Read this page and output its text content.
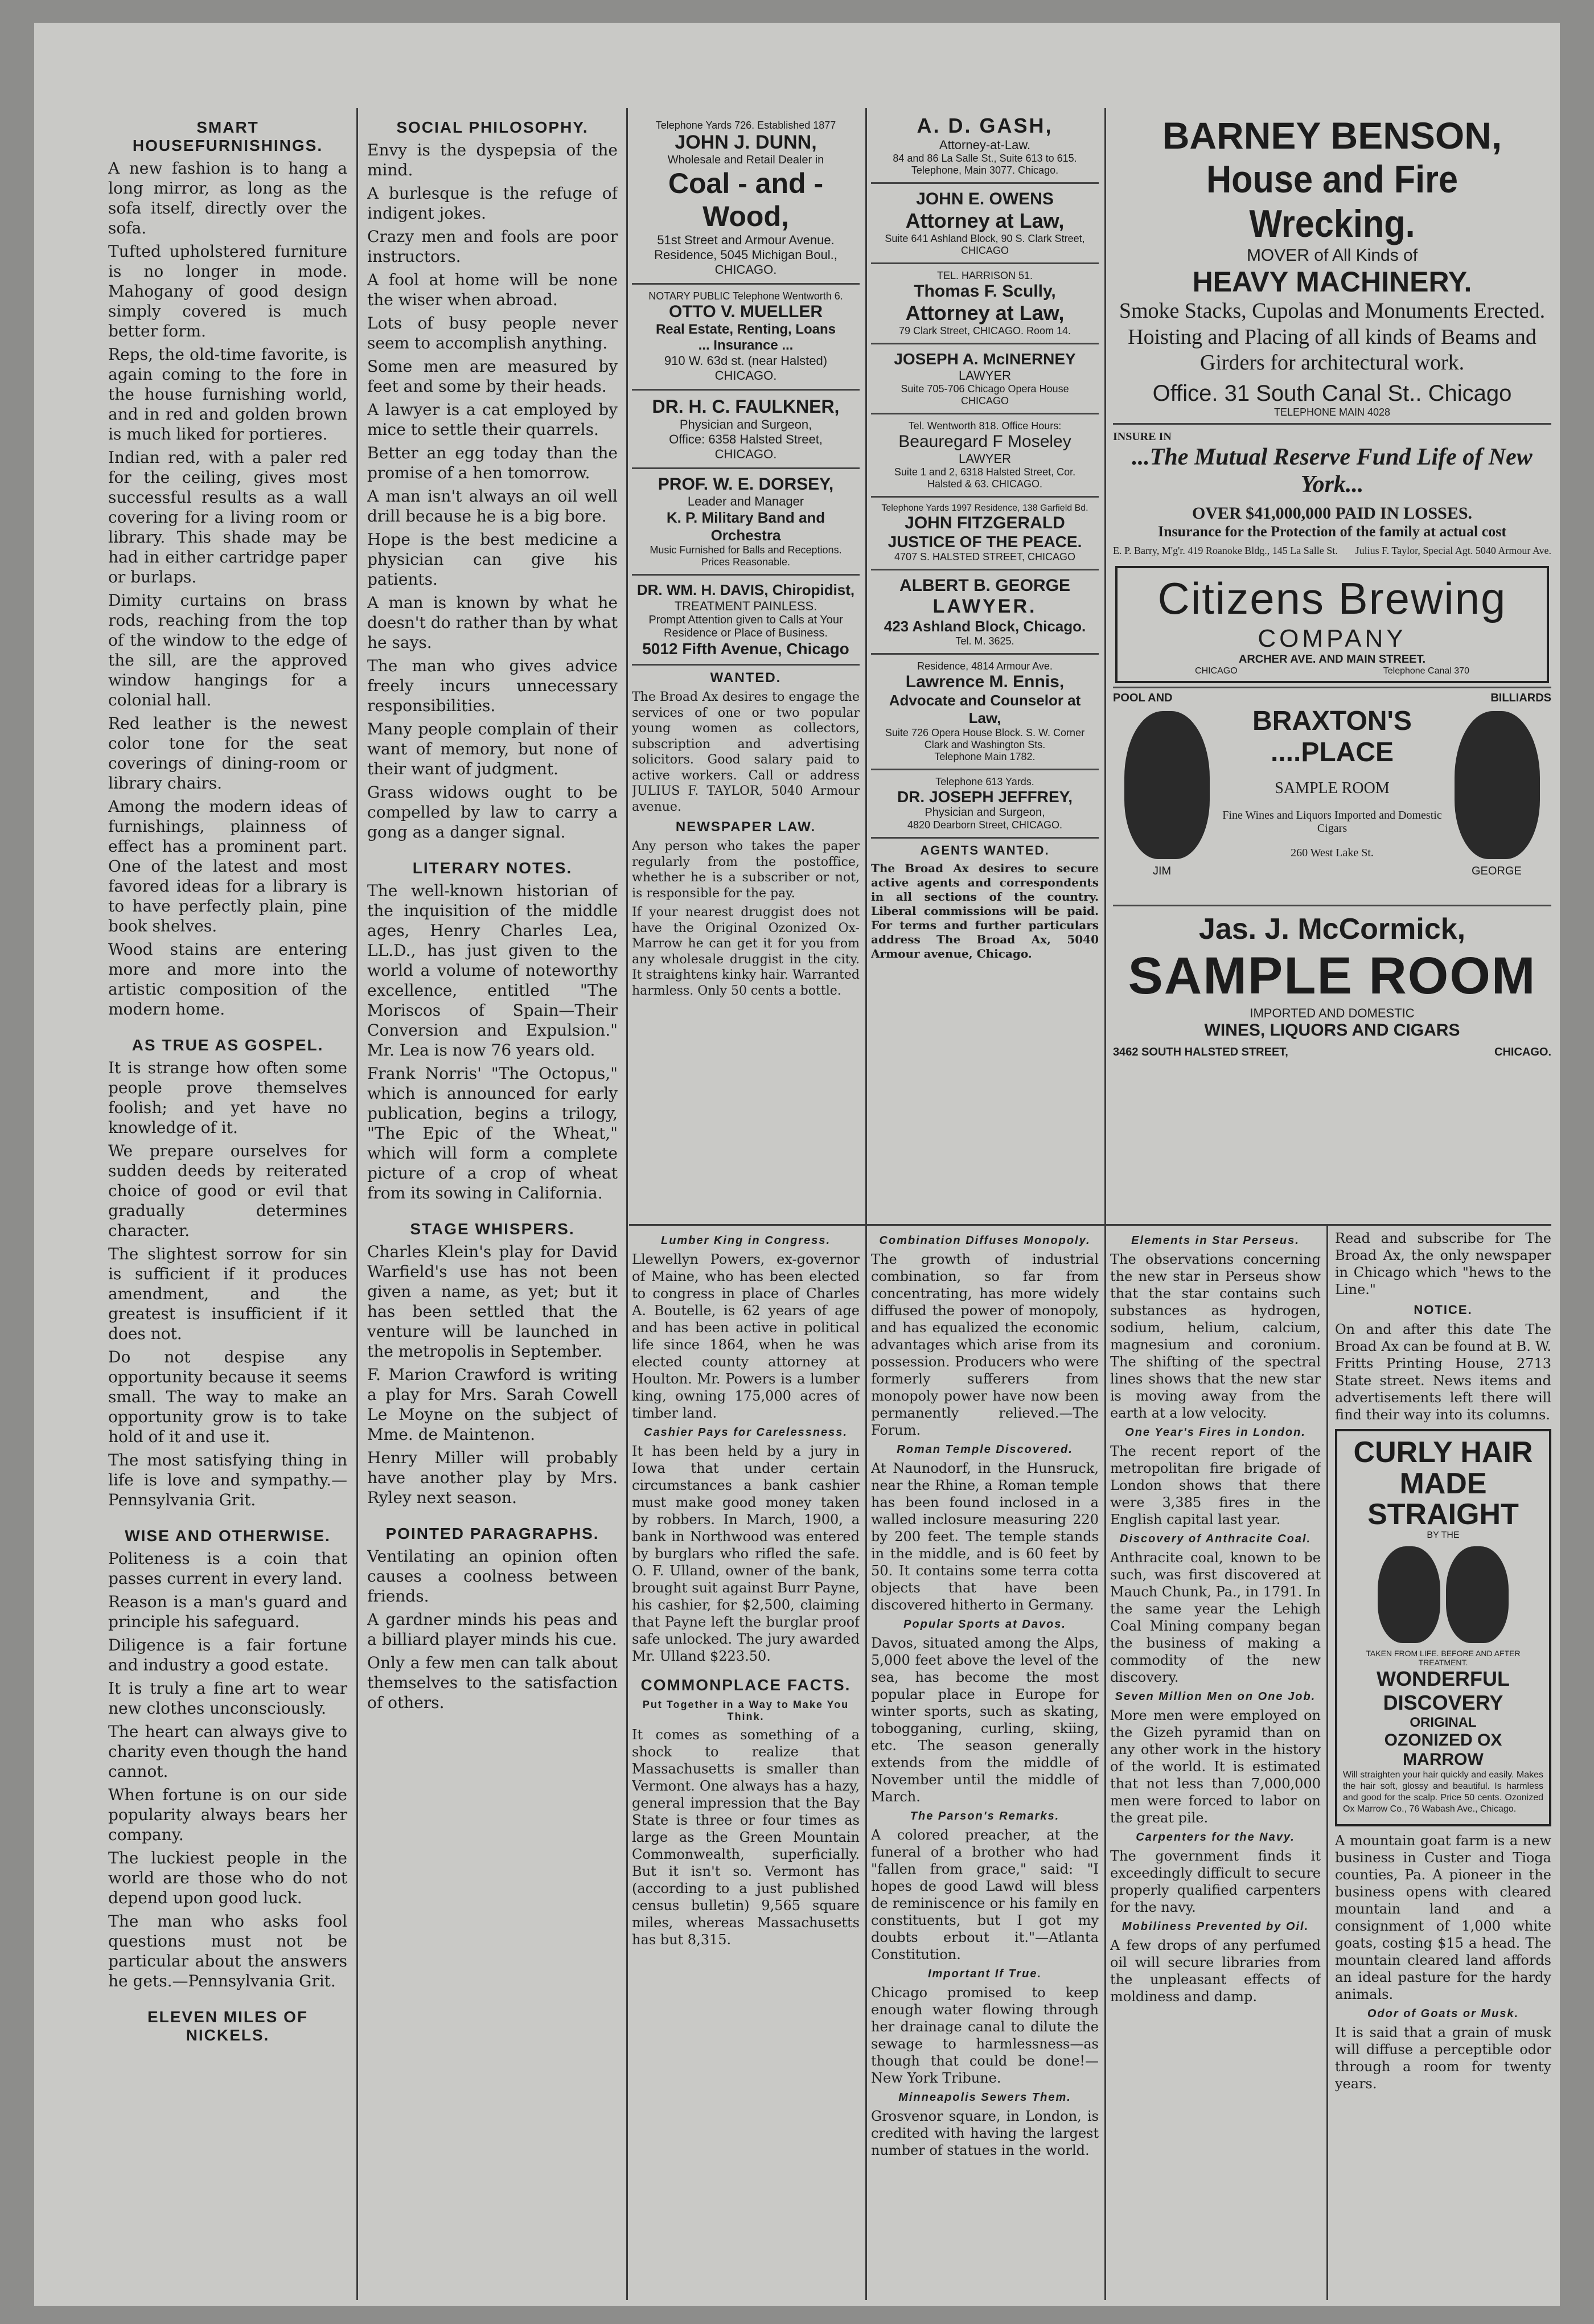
SMART HOUSEFURNISHINGS.

A new fashion is to hang a long mirror, as long as the sofa itself, directly over the sofa.

Tufted upholstered furniture is no longer in mode. Mahogany of good design simply covered is much better form.

Reps, the old-time favorite, is again coming to the fore in the house furnishing world, and in red and golden brown is much liked for portieres.

Indian red, with a paler red for the ceiling, gives most successful results as a wall covering for a living room or library. This shade may be had in either cartridge paper or burlaps.

Dimity curtains on brass rods, reaching from the top of the window to the edge of the sill, are the approved window hangings for a colonial hall.

Red leather is the newest color tone for the seat coverings of dining-room or library chairs.

Among the modern ideas of furnishings, plainness of effect has a prominent part. One of the latest and most favored ideas for a library is to have perfectly plain, pine book shelves.

Wood stains are entering more and more into the artistic composition of the modern home.

AS TRUE AS GOSPEL.

It is strange how often some people prove themselves foolish; and yet have no knowledge of it.

We prepare ourselves for sudden deeds by reiterated choice of good or evil that gradually determines character.

The slightest sorrow for sin is sufficient if it produces amendment, and the greatest is insufficient if it does not.

Do not despise any opportunity because it seems small. The way to make an opportunity grow is to take hold of it and use it.

The most satisfying thing in life is love and sympathy.—Pennsylvania Grit.

WISE AND OTHERWISE.

Politeness is a coin that passes current in every land.

Reason is a man's guard and principle his safeguard.

Diligence is a fair fortune and industry a good estate.

It is truly a fine art to wear new clothes unconsciously.

The heart can always give to charity even though the hand cannot.

When fortune is on our side popularity always bears her company.

The luckiest people in the world are those who do not depend upon good luck.

The man who asks fool questions must not be particular about the answers he gets.—Pennsylvania Grit.

ELEVEN MILES OF NICKELS.
SOCIAL PHILOSOPHY.

Envy is the dyspepsia of the mind.

A burlesque is the refuge of indigent jokes.

Crazy men and fools are poor instructors.

A fool at home will be none the wiser when abroad.

Lots of busy people never seem to accomplish anything.

Some men are measured by feet and some by their heads.

A lawyer is a cat employed by mice to settle their quarrels.

Better an egg today than the promise of a hen tomorrow.

A man isn't always an oil well drill because he is a big bore.

Hope is the best medicine a physician can give his patients.

A man is known by what he doesn't do rather than by what he says.

The man who gives advice freely incurs unnecessary responsibilities.

Many people complain of their want of memory, but none of their want of judgment.

Grass widows ought to be compelled by law to carry a gong as a danger signal.

LITERARY NOTES.

The well-known historian of the inquisition of the middle ages, Henry Charles Lea, LL.D., has just given to the world a volume of noteworthy excellence, entitled "The Moriscos of Spain—Their Conversion and Expulsion." Mr. Lea is now 76 years old.

Frank Norris' "The Octopus," which is announced for early publication, begins a trilogy, "The Epic of the Wheat," which will form a complete picture of a crop of wheat from its sowing in California.

STAGE WHISPERS.

Charles Klein's play for David Warfield's use has not been given a name, as yet; but it has been settled that the venture will be launched in the metropolis in September.

F. Marion Crawford is writing a play for Mrs. Sarah Cowell Le Moyne on the subject of Mme. de Maintenon.

Henry Miller will probably have another play by Mrs. Ryley next season.

POINTED PARAGRAPHS.

Ventilating an opinion often causes a coolness between friends.

A gardner minds his peas and a billiard player minds his cue.

Only a few men can talk about themselves to the satisfaction of others.

Telephone Yards 726. Established 1877
JOHN J. DUNN,
Wholesale and Retail Dealer in
Coal - and - Wood,
51st Street and Armour Avenue.
Residence, 5045 Michigan Boul., CHICAGO.
NOTARY PUBLIC Telephone Wentworth 6.
OTTO V. MUELLER
Real Estate, Renting, Loans
... Insurance ...
910 W. 63d st. (near Halsted) CHICAGO.
DR. H. C. FAULKNER,
Physician and Surgeon,
Office: 6358 Halsted Street, CHICAGO.
PROF. W. E. DORSEY,
Leader and Manager
K. P. Military Band and Orchestra
Music Furnished for Balls and Receptions. Prices Reasonable.
DR. WM. H. DAVIS, Chiropidist,
TREATMENT PAINLESS.
Prompt Attention given to Calls at Your Residence or Place of Business.
5012 Fifth Avenue, Chicago
WANTED.

The Broad Ax desires to engage the services of one or two popular young women as collectors, subscription and advertising solicitors. Good salary paid to active workers. Call or address JULIUS F. TAYLOR, 5040 Armour avenue.

NEWSPAPER LAW.

Any person who takes the paper regularly from the postoffice, whether he is a subscriber or not, is responsible for the pay.

If your nearest druggist does not have the Original Ozonized Ox-Marrow he can get it for you from any wholesale druggist in the city. It straightens kinky hair. Warranted harmless. Only 50 cents a bottle.

A. D. GASH,
Attorney-at-Law.
84 and 86 La Salle St., Suite 613 to 615.
Telephone, Main 3077. Chicago.
JOHN E. OWENS
Attorney at Law,
Suite 641 Ashland Block, 90 S. Clark Street, CHICAGO
TEL. HARRISON 51.
Thomas F. Scully,
Attorney at Law,
79 Clark Street, CHICAGO. Room 14.
JOSEPH A. McINERNEY
LAWYER
Suite 705-706 Chicago Opera House CHICAGO
Tel. Wentworth 818. Office Hours:
Beauregard F Moseley
LAWYER
Suite 1 and 2, 6318 Halsted Street, Cor. Halsted & 63. CHICAGO.
Telephone Yards 1997 Residence, 138 Garfield Bd.
JOHN FITZGERALD
JUSTICE OF THE PEACE.
4707 S. HALSTED STREET, CHICAGO
ALBERT B. GEORGE
LAWYER.
423 Ashland Block, Chicago.
Tel. M. 3625.
Residence, 4814 Armour Ave.
Lawrence M. Ennis,
Advocate and Counselor at Law,
Suite 726 Opera House Block. S. W. Corner Clark and Washington Sts.
Telephone Main 1782.
Telephone 613 Yards.
DR. JOSEPH JEFFREY,
Physician and Surgeon,
4820 Dearborn Street, CHICAGO.
AGENTS WANTED.

The Broad Ax desires to secure active agents and correspondents in all sections of the country. Liberal commissions will be paid. For terms and further particulars address The Broad Ax, 5040 Armour avenue, Chicago.

BARNEY BENSON,
House and Fire Wrecking.
MOVER of All Kinds of
HEAVY MACHINERY.
Smoke Stacks, Cupolas and Monuments Erected. Hoisting and Placing of all kinds of Beams and Girders for architectural work.
Office. 31 South Canal St.. Chicago
TELEPHONE MAIN 4028
INSURE IN
...The Mutual Reserve Fund Life of New York...
OVER $41,000,000 PAID IN LOSSES.
Insurance for the Protection of the family at actual cost
E. P. Barry, M'g'r. 419 Roanoke Bldg., 145 La Salle St. Julius F. Taylor, Special Agt. 5040 Armour Ave.
Citizens Brewing
COMPANY
ARCHER AVE. AND MAIN STREET.
CHICAGO	Telephone Canal 370
POOL AND	BILLIARDS
JIM	GEORGE
BRAXTON'S
....PLACE
SAMPLE ROOM
Fine Wines and Liquors Imported and Domestic Cigars
260 West Lake St.
Jas. J. McCormick,
SAMPLE ROOM
IMPORTED AND DOMESTIC
WINES, LIQUORS AND CIGARS
3462 SOUTH HALSTED STREET,	CHICAGO.
Lumber King in Congress.

Llewellyn Powers, ex-governor of Maine, who has been elected to congress in place of Charles A. Boutelle, is 62 years of age and has been active in political life since 1864, when he was elected county attorney at Houlton. Mr. Powers is a lumber king, owning 175,000 acres of timber land.

Cashier Pays for Carelessness.

It has been held by a jury in Iowa that under certain circumstances a bank cashier must make good money taken by robbers. In March, 1900, a bank in Northwood was entered by burglars who rifled the safe. O. F. Ulland, owner of the bank, brought suit against Burr Payne, his cashier, for $2,500, claiming that Payne left the burglar proof safe unlocked. The jury awarded Mr. Ulland $223.50.

COMMONPLACE FACTS.
Put Together in a Way to Make You Think.

It comes as something of a shock to realize that Massachusetts is smaller than Vermont. One always has a hazy, general impression that the Bay State is three or four times as large as the Green Mountain Commonwealth, superficially. But it isn't so. Vermont has (according to a just published census bulletin) 9,565 square miles, whereas Massachusetts has but 8,315.

Combination Diffuses Monopoly.

The growth of industrial combination, so far from concentrating, has more widely diffused the power of monopoly, and has equalized the economic advantages which arise from its possession. Producers who were formerly sufferers from monopoly power have now been permanently relieved.—The Forum.

Roman Temple Discovered.

At Naunodorf, in the Hunsruck, near the Rhine, a Roman temple has been found inclosed in a walled inclosure measuring 220 by 200 feet. The temple stands in the middle, and is 60 feet by 50. It contains some terra cotta objects that have been discovered hitherto in Germany.

Popular Sports at Davos.

Davos, situated among the Alps, 5,000 feet above the level of the sea, has become the most popular place in Europe for winter sports, such as skating, tobogganing, curling, skiing, etc. The season generally extends from the middle of November until the middle of March.

The Parson's Remarks.

A colored preacher, at the funeral of a brother who had "fallen from grace," said: "I hopes de good Lawd will bless de reminiscence or his family en constituents, but I got my doubts erbout it."—Atlanta Constitution.

Important If True.

Chicago promised to keep enough water flowing through her drainage canal to dilute the sewage to harmlessness—as though that could be done!—New York Tribune.

Minneapolis Sewers Them.

Grosvenor square, in London, is credited with having the largest number of statues in the world.

Elements in Star Perseus.

The observations concerning the new star in Perseus show that the star contains such substances as hydrogen, sodium, helium, calcium, magnesium and coronium. The shifting of the spectral lines shows that the new star is moving away from the earth at a low velocity.

One Year's Fires in London.

The recent report of the metropolitan fire brigade of London shows that there were 3,385 fires in the English capital last year.

Discovery of Anthracite Coal.

Anthracite coal, known to be such, was first discovered at Mauch Chunk, Pa., in 1791. In the same year the Lehigh Coal Mining company began the business of making a commodity of the new discovery.

Seven Million Men on One Job.

More men were employed on the Gizeh pyramid than on any other work in the history of the world. It is estimated that not less than 7,000,000 men were forced to labor on the great pile.

Carpenters for the Navy.

The government finds it exceedingly difficult to secure properly qualified carpenters for the navy.

Mobiliness Prevented by Oil.

A few drops of any perfumed oil will secure libraries from the unpleasant effects of moldiness and damp.

Read and subscribe for The Broad Ax, the only newspaper in Chicago which "hews to the Line."

NOTICE.

On and after this date The Broad Ax can be found at B. W. Fritts Printing House, 2713 State street. News items and advertisements left there will find their way into its columns.

CURLY HAIR MADE STRAIGHT
BY THE
TAKEN FROM LIFE. BEFORE AND AFTER TREATMENT.
WONDERFUL DISCOVERY
ORIGINAL
OZONIZED OX MARROW

Will straighten your hair quickly and easily. Makes the hair soft, glossy and beautiful. Is harmless and good for the scalp. Price 50 cents. Ozonized Ox Marrow Co., 76 Wabash Ave., Chicago.

A mountain goat farm is a new business in Custer and Tioga counties, Pa. A pioneer in the business opens with cleared mountain land and a consignment of 1,000 white goats, costing $15 a head. The mountain cleared land affords an ideal pasture for the hardy animals.

Odor of Goats or Musk.

It is said that a grain of musk will diffuse a perceptible odor through a room for twenty years.
